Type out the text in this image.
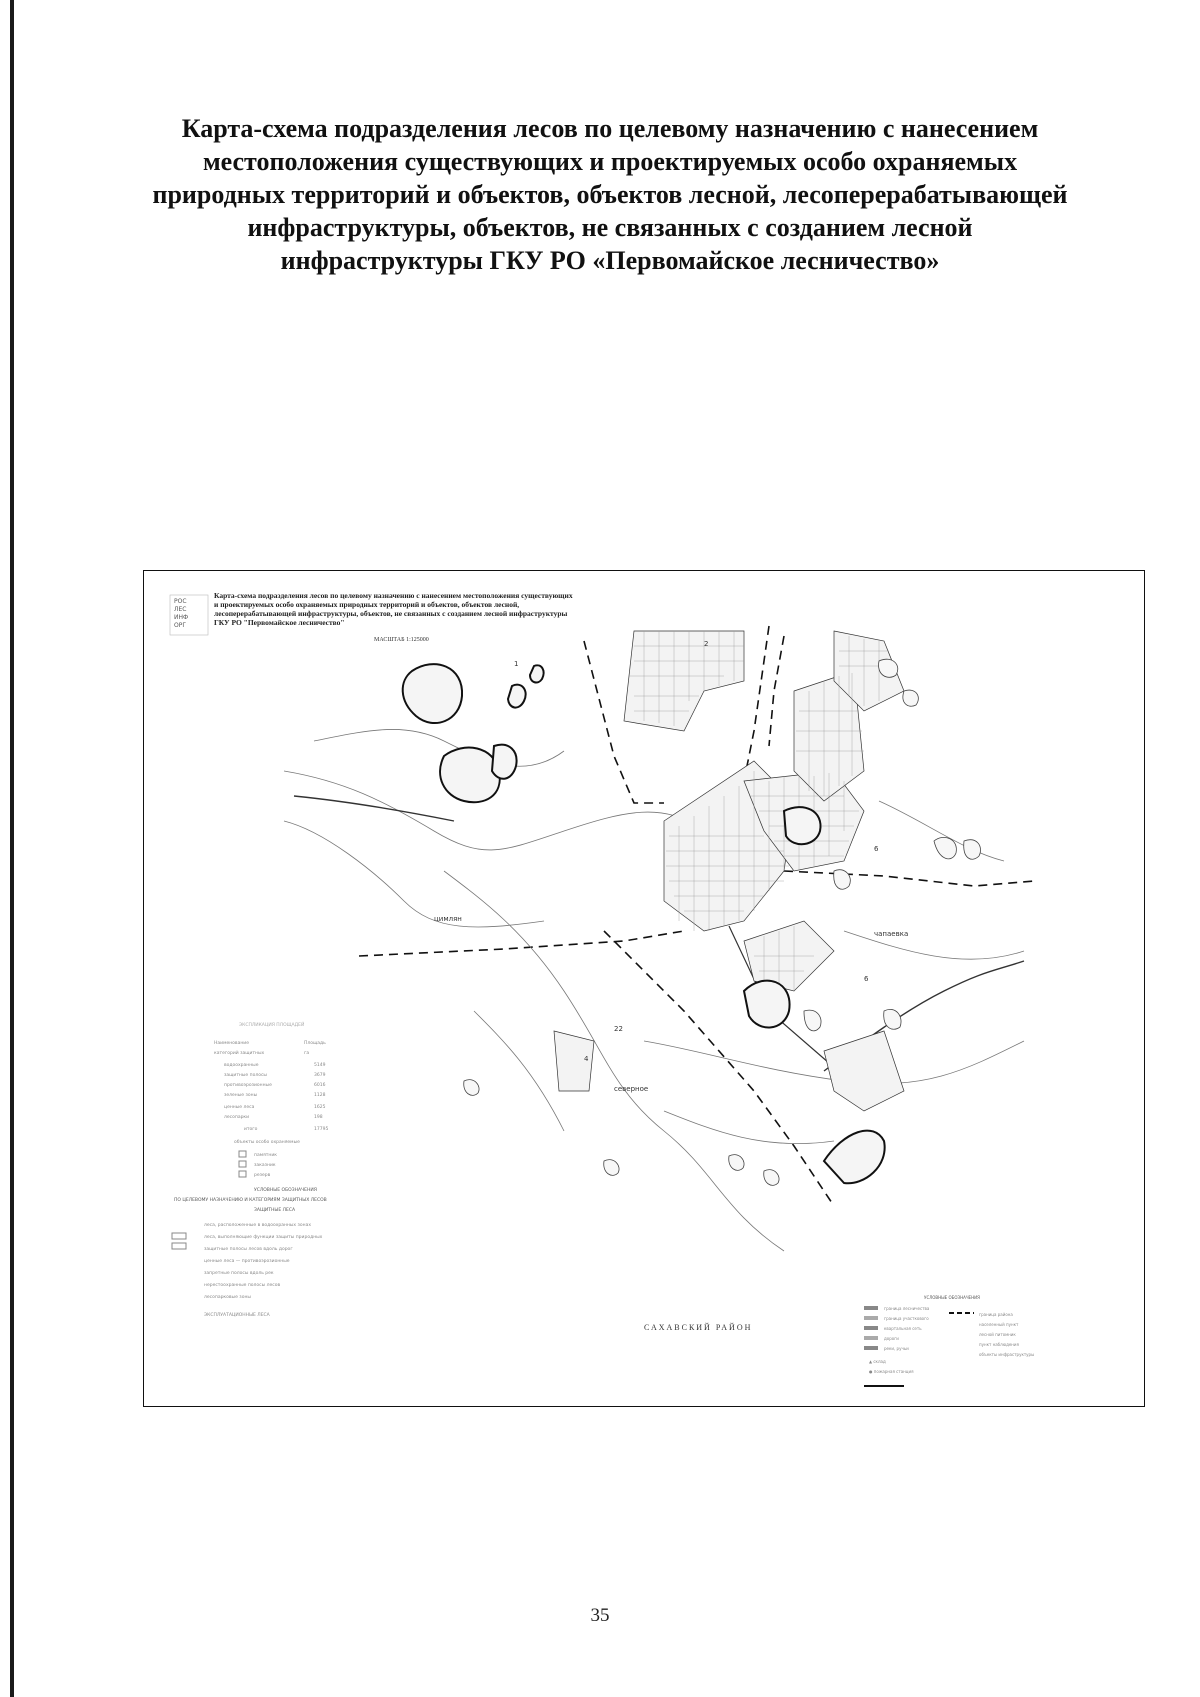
Карта-схема подразделения лесов по целевому назначению с нанесением
местоположения существующих и проектируемых особо охраняемых
природных территорий и объектов, объектов лесной, лесоперерабатывающей
инфраструктуры, объектов, не связанных с созданием лесной
инфраструктуры ГКУ РО «Первомайское лесничество»
РОС
ЛЕС
ИНФ
ОРГ
1
2
6
6
4
22
цимлян
чапаевка
северное
ЭКСПЛИКАЦИЯ ПЛОЩАДЕЙ
Наименование	Площадь
категорий защитных	га
водоохранные	5149
защитные полосы	3679
противоэрозионные	6016
зеленые зоны	1128
ценные леса	1625
лесопарки	198
итого	17795
объекты особо охраняемые
памятник
заказник
резерв
УСЛОВНЫЕ ОБОЗНАЧЕНИЯ
ПО ЦЕЛЕВОМУ НАЗНАЧЕНИЮ И КАТЕГОРИЯМ ЗАЩИТНЫХ ЛЕСОВ
ЗАЩИТНЫЕ ЛЕСА
леса, расположенные в водоохранных зонах
леса, выполняющие функции защиты природных
защитные полосы лесов вдоль дорог
ценные леса — противоэрозионные
запретные полосы вдоль рек
нерестоохранные полосы лесов
лесопарковые зоны
ЭКСПЛУАТАЦИОННЫЕ ЛЕСА
УСЛОВНЫЕ ОБОЗНАЧЕНИЯ
граница лесничества
граница участкового
квартальная сеть
дороги
реки, ручьи
▲ склад
● пожарная станция
граница района
населенный пункт
лесной питомник
пункт наблюдения
объекты инфраструктуры
Карта-схема подразделения лесов по целевому назначению с нанесением местоположения существующих
и проектируемых особо охраняемых природных территорий и объектов, объектов лесной,
лесоперерабатывающей инфраструктуры, объектов, не связанных с созданием лесной инфраструктуры
ГКУ РО "Первомайское лесничество"
МАСШТАБ 1:125000
САХАВСКИЙ РАЙОН
35
